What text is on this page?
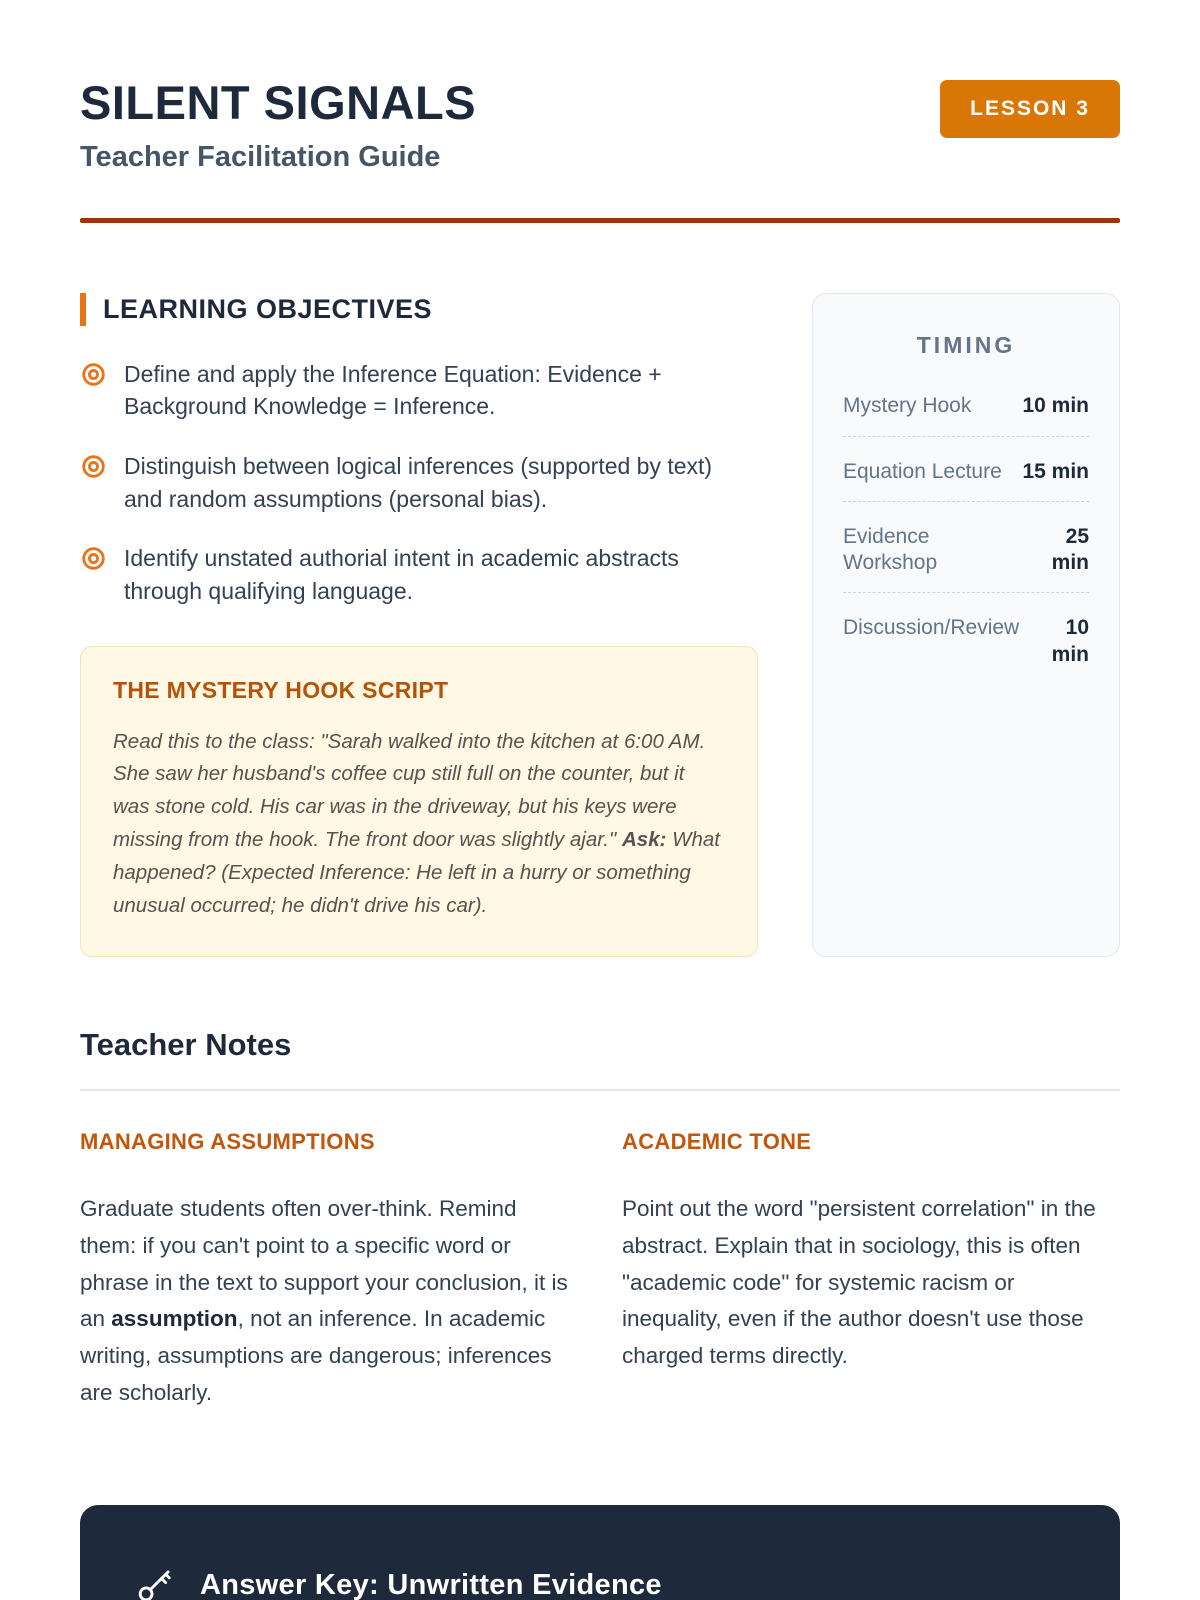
SILENT SIGNALS
Teacher Facilitation Guide
LESSON 3
LEARNING OBJECTIVES
Define and apply the Inference Equation: Evidence + Background Knowledge = Inference.
Distinguish between logical inferences (supported by text) and random assumptions (personal bias).
Identify unstated authorial intent in academic abstracts through qualifying language.
THE MYSTERY HOOK SCRIPT

Read this to the class: "Sarah walked into the kitchen at 6:00 AM. She saw her husband's coffee cup still full on the counter, but it was stone cold. His car was in the driveway, but his keys were missing from the hook. The front door was slightly ajar." Ask: What happened? (Expected Inference: He left in a hurry or something unusual occurred; he didn't drive his car).

TIMING
Mystery Hook 10 min
Equation Lecture 15 min
Evidence Workshop
25 min
Discussion/Review	10 min
Teacher Notes
MANAGING ASSUMPTIONS

Graduate students often over-think. Remind them: if you can't point to a specific word or phrase in the text to support your conclusion, it is an assumption, not an inference. In academic writing, assumptions are dangerous; inferences are scholarly.

ACADEMIC TONE

Point out the word "persistent correlation" in the abstract. Explain that in sociology, this is often "academic code" for systemic racism or inequality, even if the author doesn't use those charged terms directly.

Answer Key: Unwritten Evidence
